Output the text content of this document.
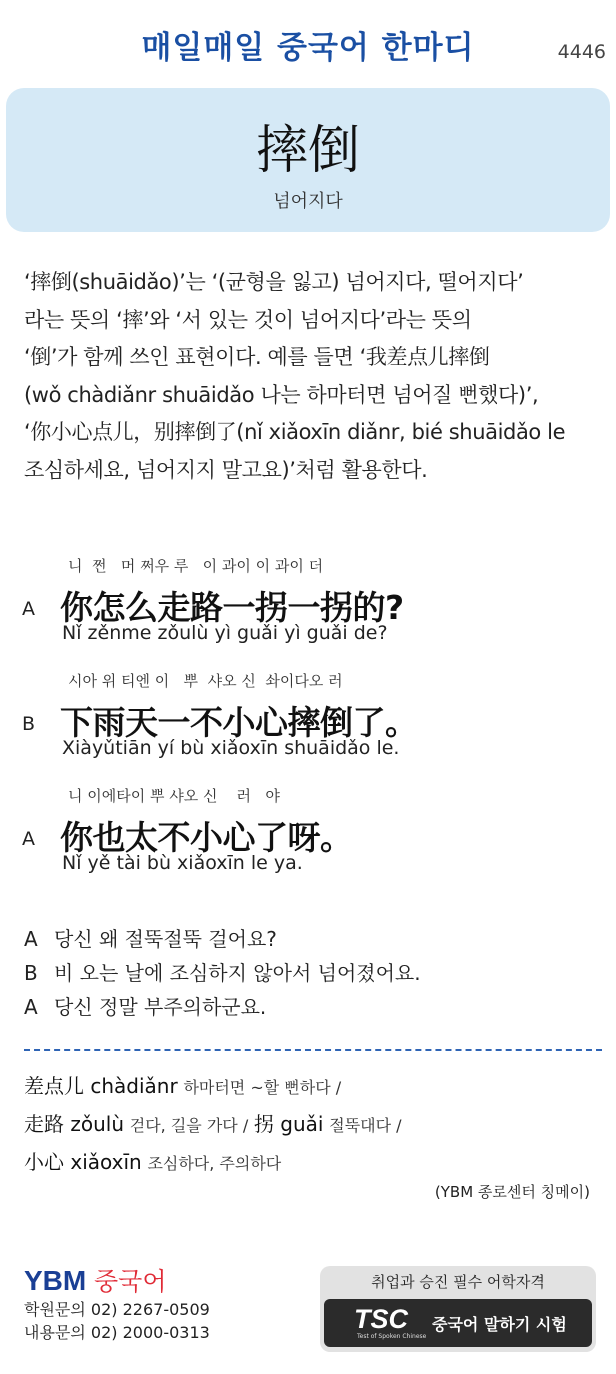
매일매일 중국어 한마디	4446
摔倒
넘어지다
‘摔倒(shuāidǎo)’는 ‘(균형을 잃고) 넘어지다, 떨어지다’
라는 뜻의 ‘摔’와 ‘서 있는 것이 넘어지다’라는 뜻의
‘倒’가 함께 쓰인 표현이다. 예를 들면 ‘我差点儿摔倒
(wǒ chàdiǎnr shuāidǎo 나는 하마터면 넘어질 뻔했다)’,
‘你小心点儿，别摔倒了(nǐ xiǎoxīn diǎnr, bié shuāidǎo le
조심하세요, 넘어지지 말고요)’처럼 활용한다.
니  쩐   머 쩌우 루   이 과이 이 과이 더
A 你怎么走路一拐一拐的?
Nǐ zěnme zǒulù yì guǎi yì guǎi de?
시아 위 티엔 이   뿌  샤오 신  솨이다오 러
B 下雨天一不小心摔倒了。
Xiàyǔtiān yí bù xiǎoxīn shuāidǎo le.
니 이에타이 뿌 샤오 신    러   야
A 你也太不小心了呀。
Nǐ yě tài bù xiǎoxīn le ya.
A 당신 왜 절뚝절뚝 걸어요?
B 비 오는 날에 조심하지 않아서 넘어졌어요.
A 당신 정말 부주의하군요.
差点儿 chàdiǎnr 하마터면 ~할 뻔하다 /
走路 zǒulù 걷다, 길을 가다 / 拐 guǎi 절뚝대다 /
小心 xiǎoxīn 조심하다, 주의하다
(YBM 종로센터 칭메이)
YBM 중국어
학원문의 02) 2267-0509
내용문의 02) 2000-0313
취업과 승진 필수 어학자격
TSC
Test of Spoken Chinese
중국어 말하기 시험
